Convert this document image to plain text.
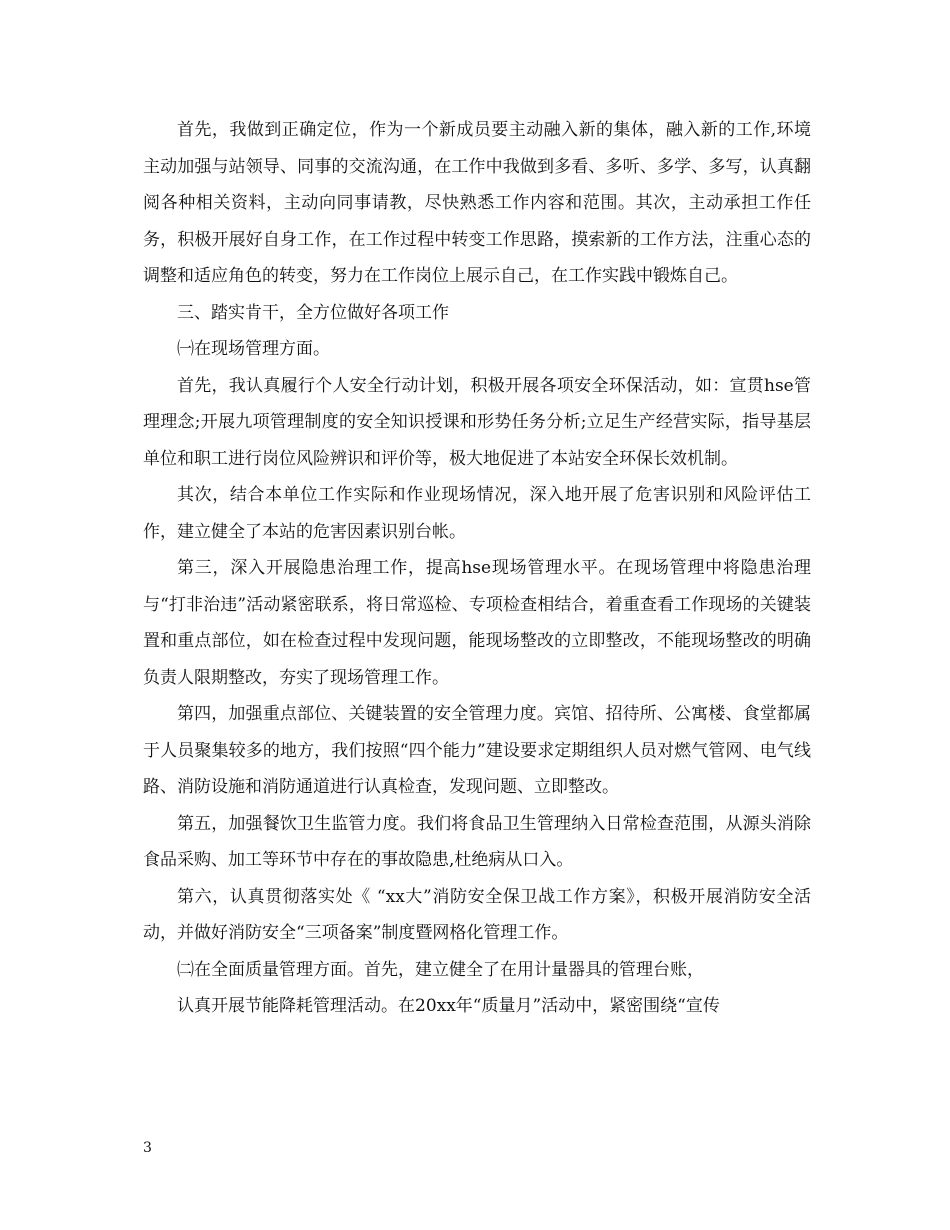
首先，我做到正确定位，作为一个新成员要主动融入新的集体，融入新的工作,环境主动加强与站领导、同事的交流沟通，在工作中我做到多看、多听、多学、多写，认真翻阅各种相关资料，主动向同事请教，尽快熟悉工作内容和范围。其次，主动承担工作任务，积极开展好自身工作，在工作过程中转变工作思路，摸索新的工作方法，注重心态的调整和适应角色的转变，努力在工作岗位上展示自己，在工作实践中锻炼自己。

三、踏实肯干，全方位做好各项工作

㈠在现场管理方面。

首先，我认真履行个人安全行动计划，积极开展各项安全环保活动，如：宣贯hse管理理念;开展九项管理制度的安全知识授课和形势任务分析;立足生产经营实际，指导基层单位和职工进行岗位风险辨识和评价等，极大地促进了本站安全环保长效机制。

其次，结合本单位工作实际和作业现场情况，深入地开展了危害识别和风险评估工作，建立健全了本站的危害因素识别台帐。

第三，深入开展隐患治理工作，提高hse现场管理水平。在现场管理中将隐患治理与“打非治违”活动紧密联系，将日常巡检、专项检查相结合，着重查看工作现场的关键装置和重点部位，如在检查过程中发现问题，能现场整改的立即整改，不能现场整改的明确负责人限期整改，夯实了现场管理工作。

第四，加强重点部位、关键装置的安全管理力度。宾馆、招待所、公寓楼、食堂都属于人员聚集较多的地方，我们按照“四个能力”建设要求定期组织人员对燃气管网、电气线路、消防设施和消防通道进行认真检查，发现问题、立即整改。

第五，加强餐饮卫生监管力度。我们将食品卫生管理纳入日常检查范围，从源头消除食品采购、加工等环节中存在的事故隐患,杜绝病从口入。

第六，认真贯彻落实处《 “xx大”消防安全保卫战工作方案》，积极开展消防安全活动，并做好消防安全“三项备案”制度暨网格化管理工作。

㈡在全面质量管理方面。首先，建立健全了在用计量器具的管理台账，

认真开展节能降耗管理活动。在20xx年“质量月”活动中，紧密围绕“宣传

3
